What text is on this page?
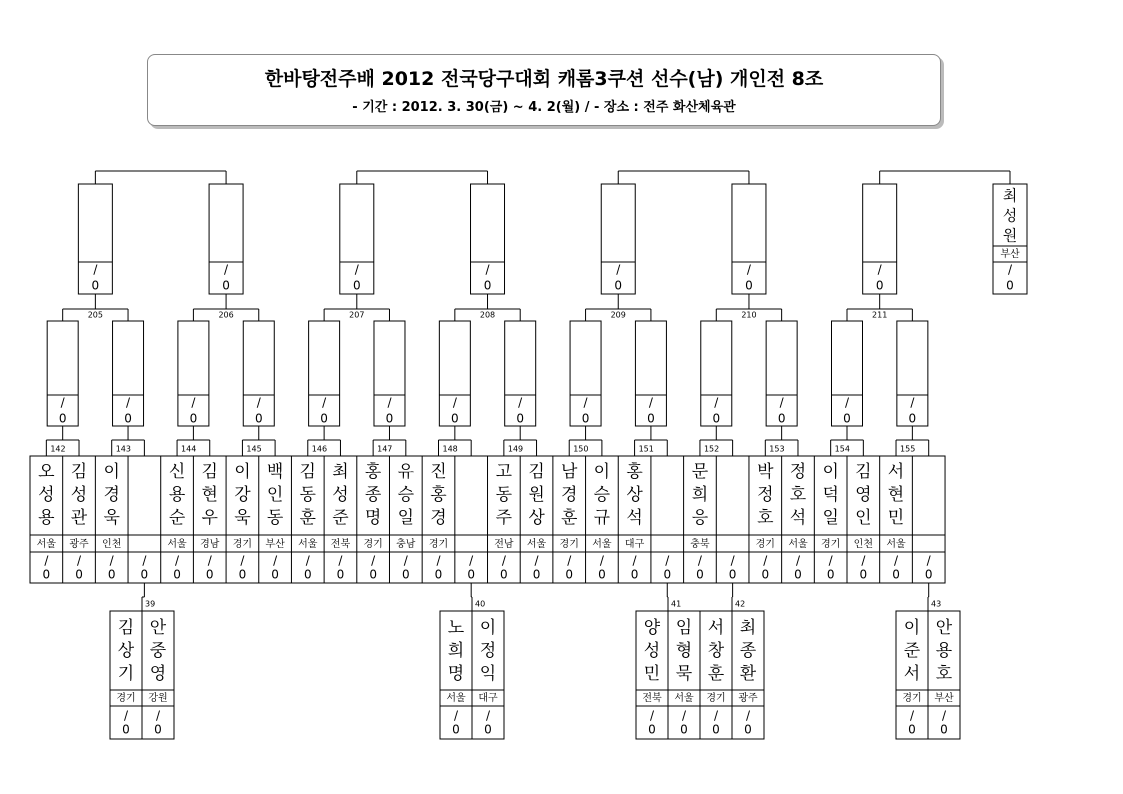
한바탕전주배 2012 전국당구대회 캐롬3쿠션 선수(남) 개인전 8조
- 기간 : 2012. 3. 30(금) ~ 4. 2(월) / - 장소 : 전주 화산체육관
오
성
용
서울
/
0
김
성
관
광주
/
0
이
경
욱
인천
/
0
/
0
신
용
순
서울
/
0
김
현
우
경남
/
0
이
강
욱
경기
/
0
백
인
동
부산
/
0
김
동
훈
서울
/
0
최
성
준
전북
/
0
홍
종
명
경기
/
0
유
승
일
충남
/
0
진
홍
경
경기
/
0
/
0
고
동
주
전남
/
0
김
원
상
서울
/
0
남
경
훈
경기
/
0
이
승
규
서울
/
0
홍
상
석
대구
/
0
/
0
문
희
응
충북
/
0
/
0
박
정
호
경기
/
0
정
호
석
서울
/
0
이
덕
일
경기
/
0
김
영
인
인천
/
0
서
현
민
서울
/
0
/
0
/
0
142
/
0
143
/
0
144
/
0
145
/
0
146
/
0
147
/
0
148
/
0
149
/
0
150
/
0
151
/
0
152
/
0
153
/
0
154
/
0
155
205	206	207	208	209	210	211
/
0
/
0
/
0
/
0
/
0
/
0
/
0
최
성
원
부산
/
0
39
김
상
기
경기
/
0
안
중
영
강원
/
0
40
노
희
명
서울
/
0
이
정
익
대구
/
0
41
양
성
민
전북
/
0
임
형
묵
서울
/
0
42
서
창
훈
경기
/
0
최
종
환
광주
/
0
43
이
준
서
경기
/
0
안
용
호
부산
/
0
